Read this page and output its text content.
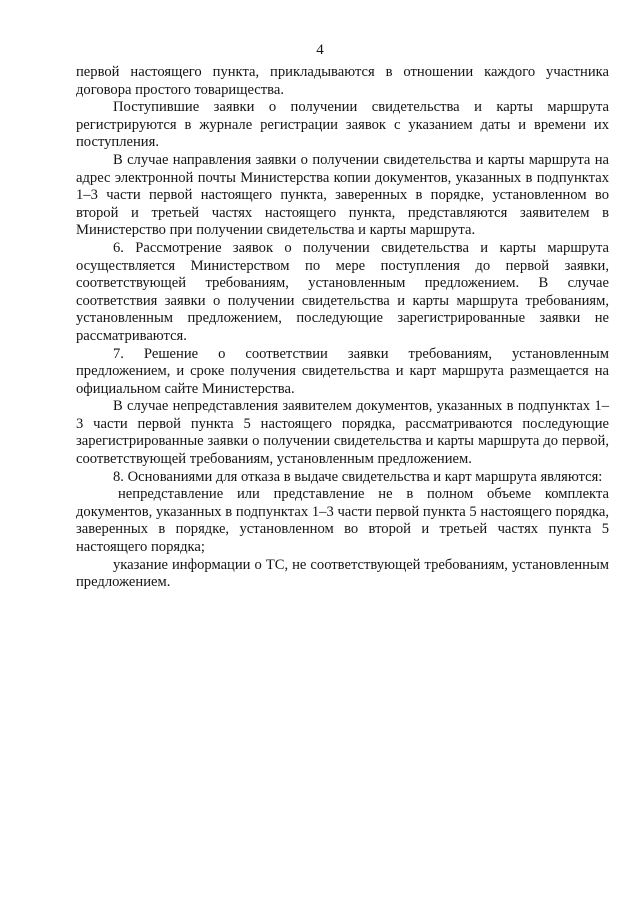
4

первой настоящего пункта, прикладываются в отношении каждого участника договора простого товарищества.

Поступившие заявки о получении свидетельства и карты маршрута регистрируются в журнале регистрации заявок с указанием даты и времени их поступления.

В случае направления заявки о получении свидетельства и карты маршрута на адрес электронной почты Министерства копии документов, указанных в подпунктах 1–3 части первой настоящего пункта, заверенных в порядке, установленном во второй и третьей частях настоящего пункта, представляются заявителем в Министерство при получении свидетельства и карты маршрута.

6. Рассмотрение заявок о получении свидетельства и карты маршрута осуществляется Министерством по мере поступления до первой заявки, соответствующей требованиям, установленным предложением. В случае соответствия заявки о получении свидетельства и карты маршрута требованиям, установленным предложением, последующие зарегистрированные заявки не рассматриваются.

7. Решение о соответствии заявки требованиям, установленным предложением, и сроке получения свидетельства и карт маршрута размещается на официальном сайте Министерства.

В случае непредставления заявителем документов, указанных в подпунктах 1–3 части первой пункта 5 настоящего порядка, рассматриваются последующие зарегистрированные заявки о получении свидетельства и карты маршрута до первой, соответствующей требованиям, установленным предложением.

8. Основаниями для отказа в выдаче свидетельства и карт маршрута являются:

непредставление или представление не в полном объеме комплекта документов, указанных в подпунктах 1–3 части первой пункта 5 настоящего порядка, заверенных в порядке, установленном во второй и третьей частях пункта 5 настоящего порядка;

указание информации о ТС, не соответствующей требованиям, установленным предложением.
